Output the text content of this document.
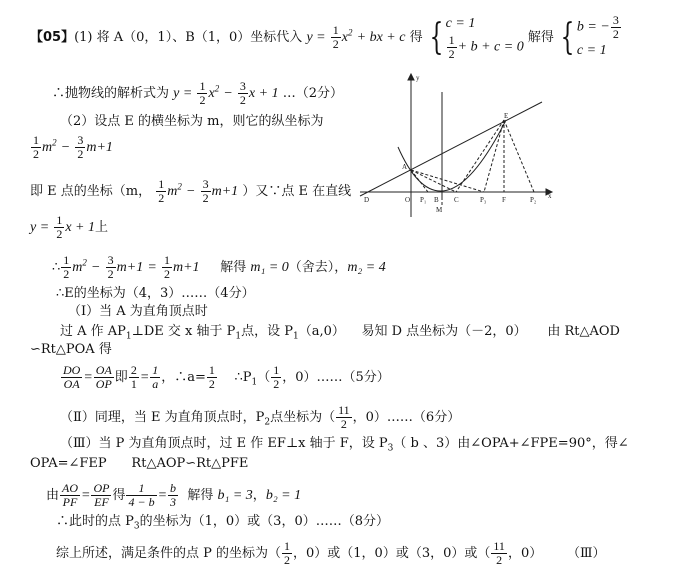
【05】(1) 将 A（0，1）、B（1，0）坐标代入 $y = \frac{1}{2} x^2$ + bx + c 得 { c = 1
$\frac{1}{2} + b + c = 0$
解得 { b = − $\frac{3}{2}$
c = 1
∴抛物线的解析式为 $y = \frac{1}{2} x^2 - \frac{3}{2}$ x + 1 …（2分）
（2）设点 E 的横坐标为 m，则它的纵坐标为
$\frac{1}{2} m^2 - \frac{3}{2} m+1$
即 E 点的坐标（m， $\frac{1}{2} m^2 - \frac{3}{2} m+1$ ）又∵点 E 在直线
$y = \frac{1}{2}$ x + 1上
∴ $\frac{1}{2} m^2 - \frac{3}{2} m+1 = \frac{1}{2} m+1$ 解得 m₁ = 0（舍去），m₂ = 4
∴E的坐标为（4，3）……（4分）
（Ⅰ）当 A 为直角顶点时
过 A 作 $AP_1\perp DE$ 交 x 轴于 $P_1$点，设 $P_1(a,0)$ 易知 D 点坐标为（－2，0） 由 Rt△AOD
∽Rt△POA 得
$\frac{DO}{OA} = \frac{OA}{OP}$ 即 $\frac{2}{1} = \frac{1}{a}$ ，∴a= $\frac{1}{2}$ $\therefore P_1( \frac{1}{2}$ ，0）……（5分）
（Ⅱ）同理，当 E 为直角顶点时，$P_2$点坐标为（ $\frac{11}{2}$ ，0）……（6分）
（Ⅲ）当 P 为直角顶点时，过 E 作 EF⊥x 轴于 F，设 $P_3$（ b 、3）由∠OPA+∠FPE=90°，得∠
OPA=∠FEP      Rt△AOP∽Rt△PFE
由 $\frac{AO}{PF} = \frac{OP}{EF}$ 得 $\frac{1}{4 - b} = \frac{b}{3}$ 解得 b₁ = 3，b₂ = 1
∴此时的点 $P_3$的坐标为（1，0）或（3，0）……（8分）
综上所述，满足条件的点 P 的坐标为（ $\frac{1}{2}$ ，0）或（1，0）或（3，0）或（ $\frac{11}{2}$ ，0） （Ⅲ）
y
E
A
D	O P₁ B C	P₃ F	P₂ x
M
